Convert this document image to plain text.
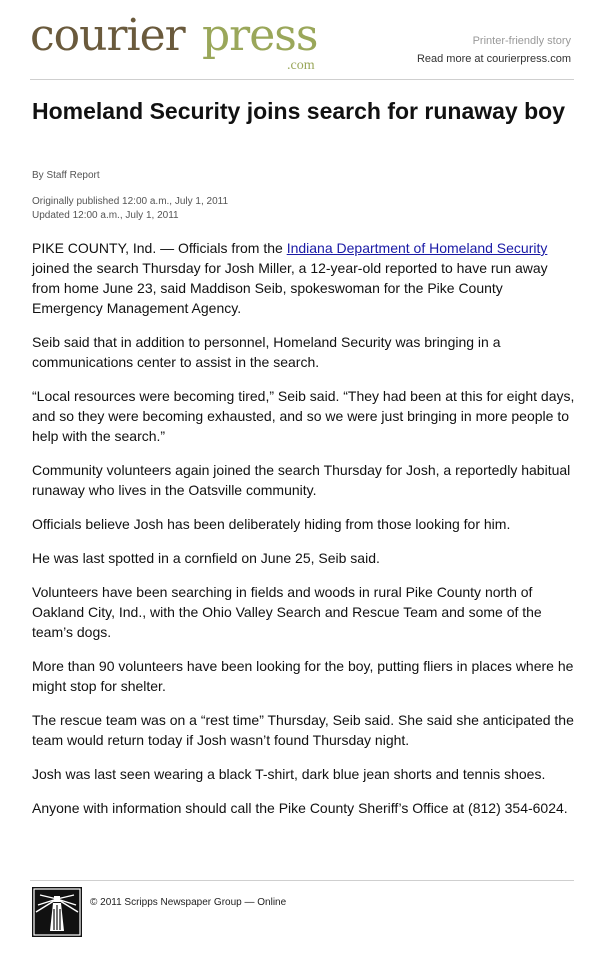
courier press
.com
Printer-friendly story
Read more at courierpress.com
Homeland Security joins search for runaway boy
By Staff Report
Originally published 12:00 a.m., July 1, 2011
Updated 12:00 a.m., July 1, 2011

PIKE COUNTY, Ind. — Officials from the Indiana Department of Homeland Security joined the search Thursday for Josh Miller, a 12-year-old reported to have run away from home June 23, said Maddison Seib, spokeswoman for the Pike County Emergency Management Agency.

Seib said that in addition to personnel, Homeland Security was bringing in a communications center to assist in the search.

“Local resources were becoming tired,” Seib said. “They had been at this for eight days, and so they were becoming exhausted, and so we were just bringing in more people to help with the search.”

Community volunteers again joined the search Thursday for Josh, a reportedly habitual runaway who lives in the Oatsville community.

Officials believe Josh has been deliberately hiding from those looking for him.

He was last spotted in a cornfield on June 25, Seib said.

Volunteers have been searching in fields and woods in rural Pike County north of Oakland City, Ind., with the Ohio Valley Search and Rescue Team and some of the team’s dogs.

More than 90 volunteers have been looking for the boy, putting fliers in places where he might stop for shelter.

The rescue team was on a “rest time” Thursday, Seib said. She said she anticipated the team would return today if Josh wasn’t found Thursday night.

Josh was last seen wearing a black T-shirt, dark blue jean shorts and tennis shoes.

Anyone with information should call the Pike County Sheriff’s Office at (812) 354-6024.

© 2011 Scripps Newspaper Group — Online
